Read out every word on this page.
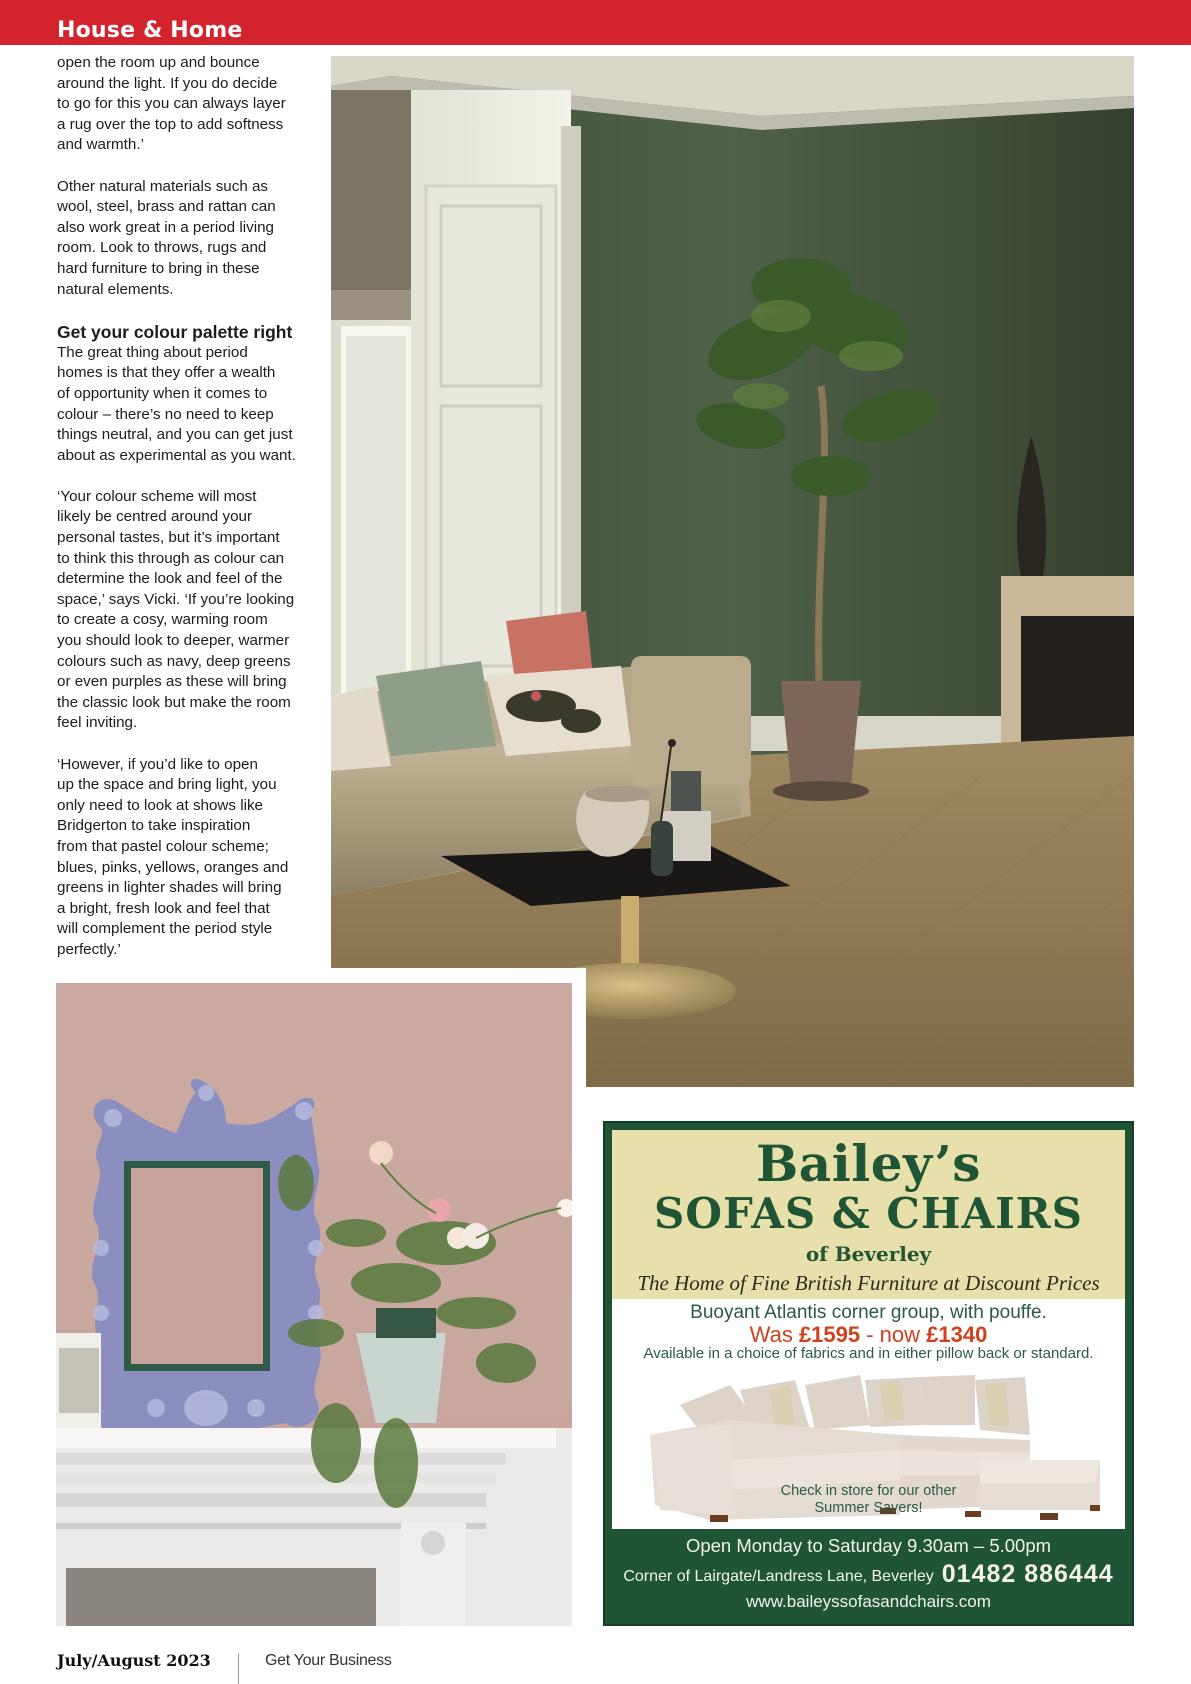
House & Home

open the room up and bounce
around the light. If you do decide
to go for this you can always layer
a rug over the top to add softness
and warmth.’

Other natural materials such as
wool, steel, brass and rattan can
also work great in a period living
room. Look to throws, rugs and
hard furniture to bring in these
natural elements.

Get your colour palette right

The great thing about period
homes is that they offer a wealth
of opportunity when it comes to
colour – there’s no need to keep
things neutral, and you can get just
about as experimental as you want.

‘Your colour scheme will most
likely be centred around your
personal tastes, but it’s important
to think this through as colour can
determine the look and feel of the
space,’ says Vicki. ‘If you’re looking
to create a cosy, warming room
you should look to deeper, warmer
colours such as navy, deep greens
or even purples as these will bring
the classic look but make the room
feel inviting.

‘However, if you’d like to open
up the space and bring light, you
only need to look at shows like
Bridgerton to take inspiration
from that pastel colour scheme;
blues, pinks, yellows, oranges and
greens in lighter shades will bring
a bright, fresh look and feel that
will complement the period style
perfectly.’

Bailey’s
SOFAS & CHAIRS
of Beverley
The Home of Fine British Furniture at Discount Prices
Buoyant Atlantis corner group, with pouffe.
Was £1595 - now £1340
Available in a choice of fabrics and in either pillow back or standard.
Check in store for our other
Summer Savers!
Open Monday to Saturday 9.30am – 5.00pm
Corner of Lairgate/Landress Lane, Beverley 01482 886444
www.baileyssofasandchairs.com
July/August 2023	Get Your Business
